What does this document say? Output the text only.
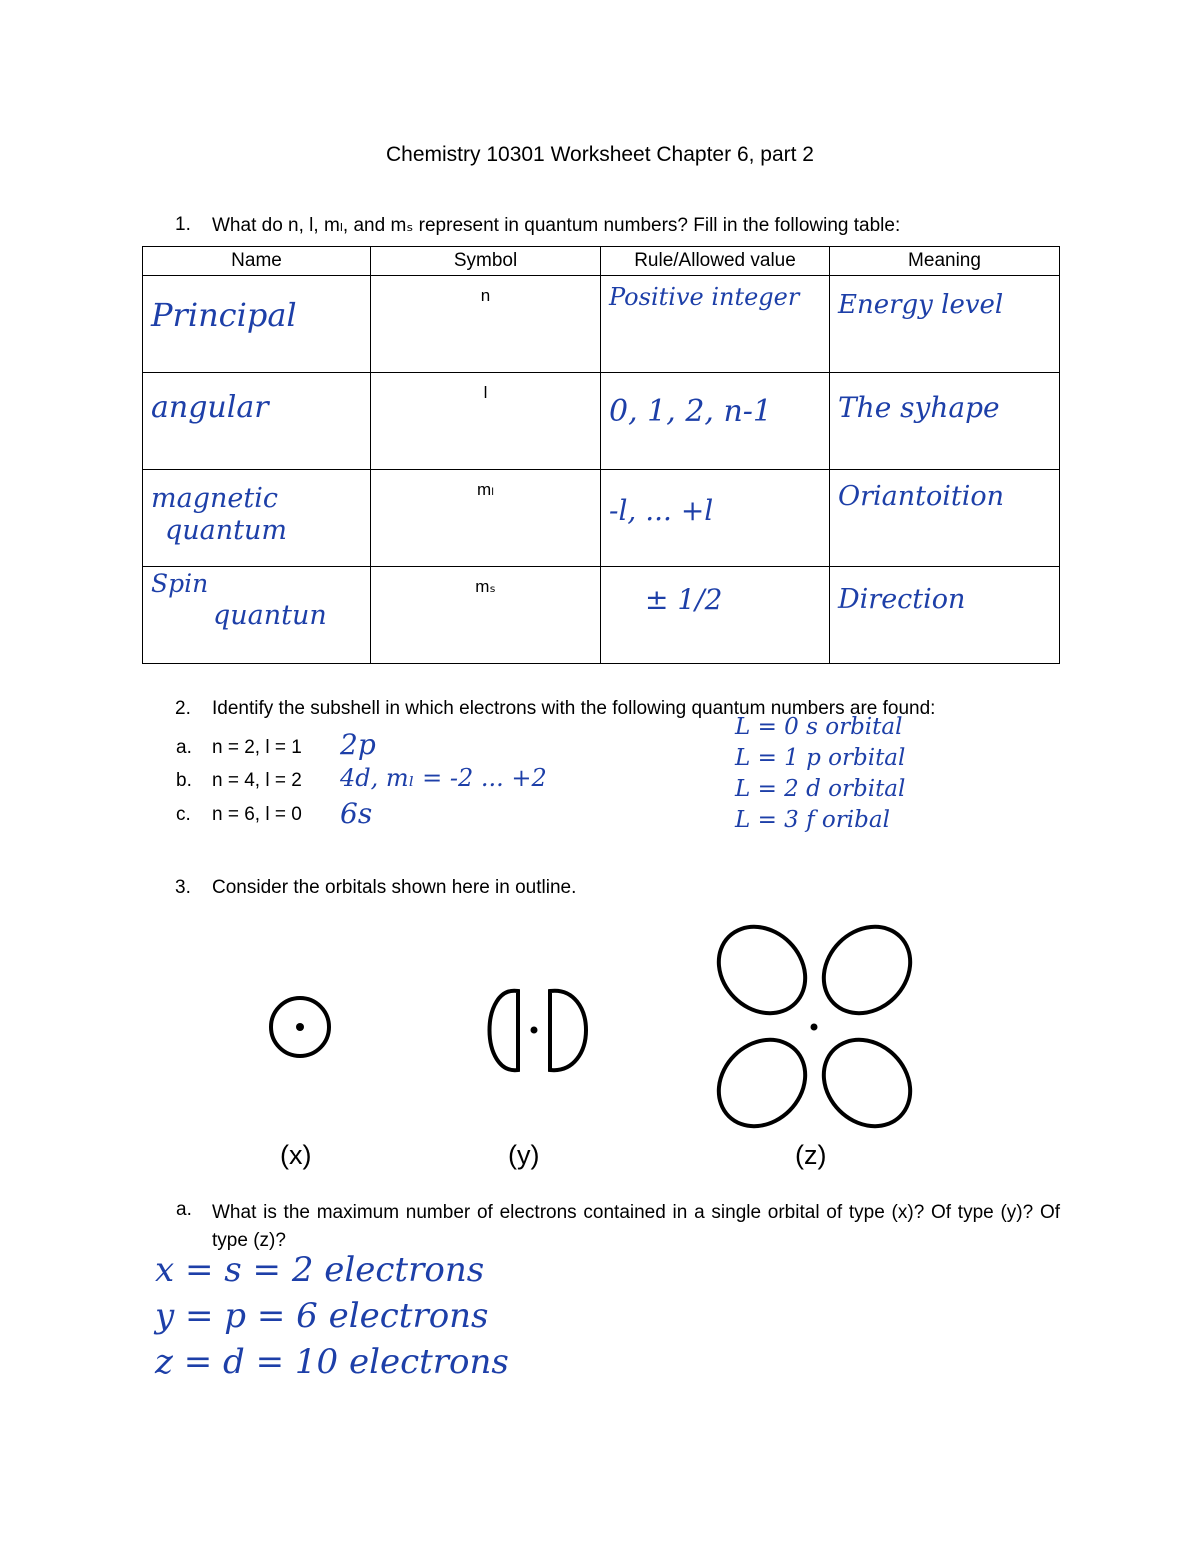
Chemistry 10301 Worksheet Chapter 6, part 2
1. What do n, l, mₗ, and mₛ represent in quantum numbers? Fill in the following table:
Name	Symbol	Rule/Allowed value	Meaning

Principal	n	Positive integer	Energy level

angular	l	0, 1, 2, n-1	The syhape

magnetic
quantum	mₗ	-l, ... +l	Oriantoition

Spin
quantun	mₛ	± 1/2	Direction
2. Identify the subshell in which electrons with the following quantum numbers are found:
a. n = 2, l = 1 2p
b. n = 4, l = 2 4d, mₗ = -2 ... +2
c. n = 6, l = 0 6s
L = 0 s orbital
L = 1 p orbital
L = 2 d orbital
L = 3 f oribal
3. Consider the orbitals shown here in outline.
(x)	(y)	(z)
a. What is the maximum number of electrons contained in a single orbital of type (x)? Of type (y)? Of type (z)?
x = s = 2 electrons
y = p = 6 electrons
z = d = 10 electrons
